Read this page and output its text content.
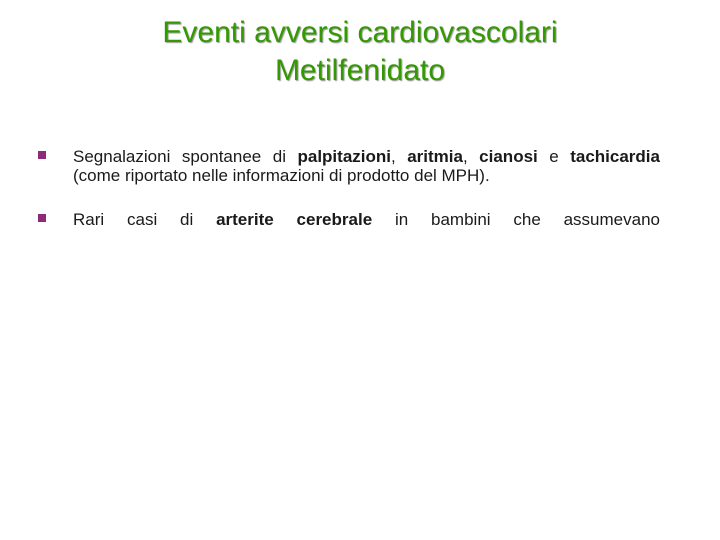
Eventi avversi cardiovascolari
Metilfenidato
Segnalazioni spontanee di palpitazioni, aritmia, cianosi e tachicardia (come riportato nelle informazioni di prodotto del MPH).
Rari casi di arterite cerebrale in bambini che assumevano
